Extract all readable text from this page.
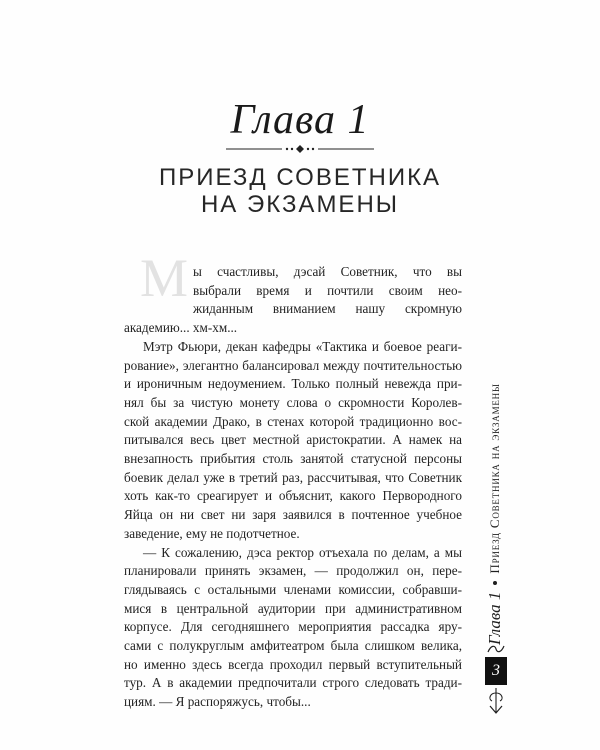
Глава 1
ПРИЕЗД СОВЕТНИКА
НА ЭКЗАМЕНЫ
М ы счастливы, дэсай Советник, что вы
выбрали время и почтили своим нео-
жиданным вниманием нашу скромную
академию... хм-хм...
Мэтр Фьюри, декан кафедры «Тактика и боевое реаги-
рование», элегантно балансировал между почтительностью
и ироничным недоумением. Только полный невежда при-
нял бы за чистую монету слова о скромности Королев-
ской академии Драко, в стенах которой традиционно вос-
питывался весь цвет местной аристократии. А намек на
внезапность прибытия столь занятой статусной персоны
боевик делал уже в третий раз, рассчитывая, что Советник
хоть как-то среагирует и объяснит, какого Первородного
Яйца он ни свет ни заря заявился в почтенное учебное
заведение, ему не подотчетное.
— К сожалению, дэса ректор отъехала по делам, а мы
планировали принять экзамен, — продолжил он, пере-
глядываясь с остальными членами комиссии, собравши-
мися в центральной аудитории при административном
корпусе. Для сегодняшнего мероприятия рассадка яру-
сами с полукруглым амфитеатром была слишком велика,
но именно здесь всегда проходил первый вступительный
тур. А в академии предпочитали строго следовать тради-
циям. — Я распоряжусь, чтобы...
Глава 1
Приезд Советника на экзамены
3
